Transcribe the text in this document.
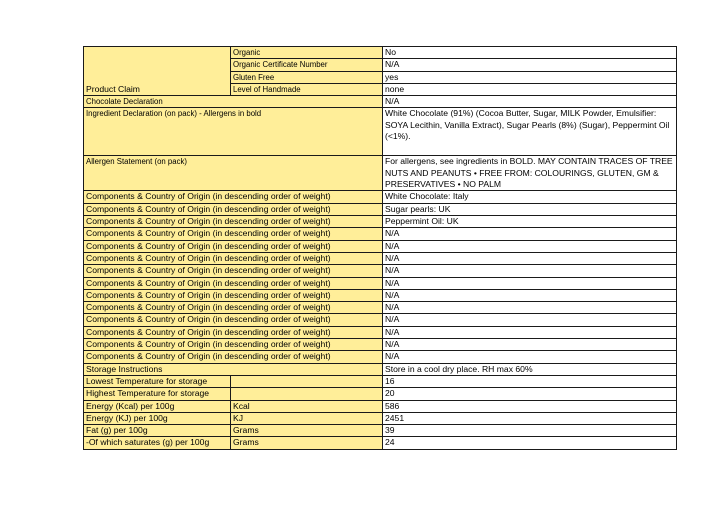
Product Claim	Organic	No
	Organic Certificate Number	N/A
	Gluten Free	yes
	Level of Handmade	none
Chocolate Declaration		N/A
Ingredient Declaration (on pack) - Allergens in bold		White Chocolate (91%) (Cocoa Butter, Sugar, MILK Powder, Emulsifier: SOYA Lecithin, Vanilla Extract), Sugar Pearls (8%) (Sugar), Peppermint Oil (<1%).
Allergen Statement (on pack)		For allergens, see ingredients in BOLD. MAY CONTAIN TRACES OF TREE NUTS AND PEANUTS • FREE FROM: COLOURINGS, GLUTEN, GM & PRESERVATIVES • NO PALM

Components & Country of Origin (in descending order of weight)		White Chocolate: Italy
Components & Country of Origin (in descending order of weight)		Sugar pearls: UK
Components & Country of Origin (in descending order of weight)		Peppermint Oil: UK
Components & Country of Origin (in descending order of weight)		N/A
Components & Country of Origin (in descending order of weight)		N/A
Components & Country of Origin (in descending order of weight)		N/A
Components & Country of Origin (in descending order of weight)		N/A
Components & Country of Origin (in descending order of weight)		N/A
Components & Country of Origin (in descending order of weight)		N/A
Components & Country of Origin (in descending order of weight)		N/A
Components & Country of Origin (in descending order of weight)		N/A
Components & Country of Origin (in descending order of weight)		N/A
Components & Country of Origin (in descending order of weight)		N/A
Components & Country of Origin (in descending order of weight)		N/A
Storage Instructions		Store in a cool dry place. RH max 60%
Lowest Temperature for storage		16
Highest Temperature for storage		20
Energy (Kcal) per 100g	Kcal	586
Energy (KJ) per 100g	KJ	2451
Fat (g) per 100g	Grams	39
-Of which saturates (g) per 100g	Grams	24
